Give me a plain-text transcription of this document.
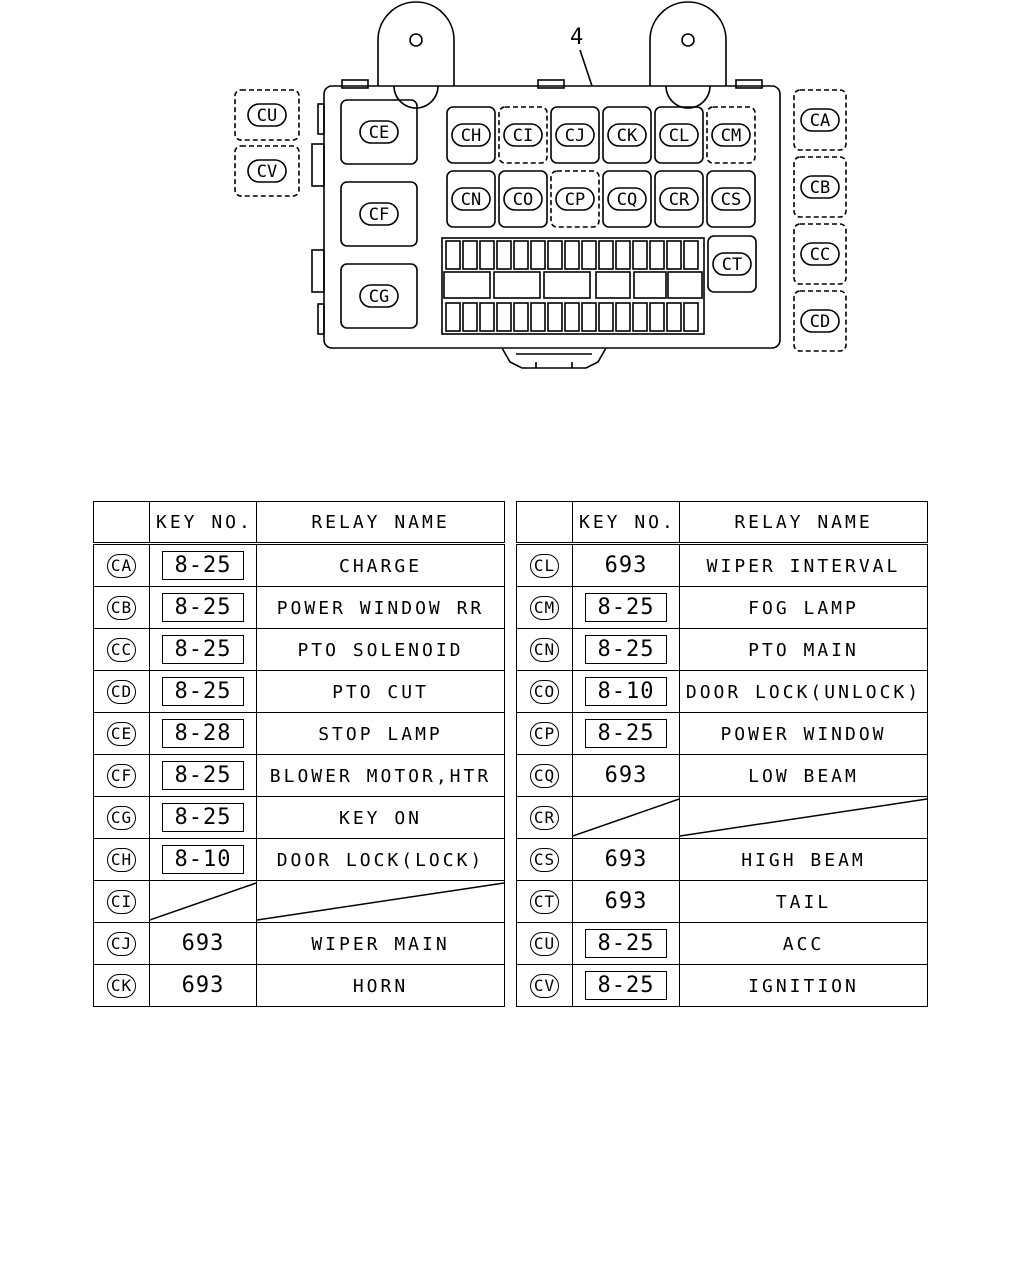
4
CE
CF
CG
CH CI CJ CK CL CM
CN CO CP CQ CR CS
CT
CU
CV
CA
CB
CC
CD
	KEY NO.	RELAY NAME
CA	8-25	CHARGE
CB	8-25	POWER WINDOW RR
CC	8-25	PTO SOLENOID
CD	8-25	PTO CUT
CE	8-28	STOP LAMP
CF	8-25	BLOWER MOTOR,HTR
CG	8-25	KEY ON
CH	8-10	DOOR LOCK(LOCK)
CI	

CJ	693	WIPER MAIN
CK	693	HORN
	KEY NO.	RELAY NAME
CL	693	WIPER INTERVAL
CM	8-25	FOG LAMP
CN	8-25	PTO MAIN
CO	8-10	DOOR LOCK(UNLOCK)
CP	8-25	POWER WINDOW
CQ	693	LOW BEAM
CR	

CS	693	HIGH BEAM
CT	693	TAIL
CU	8-25	ACC
CV	8-25	IGNITION
